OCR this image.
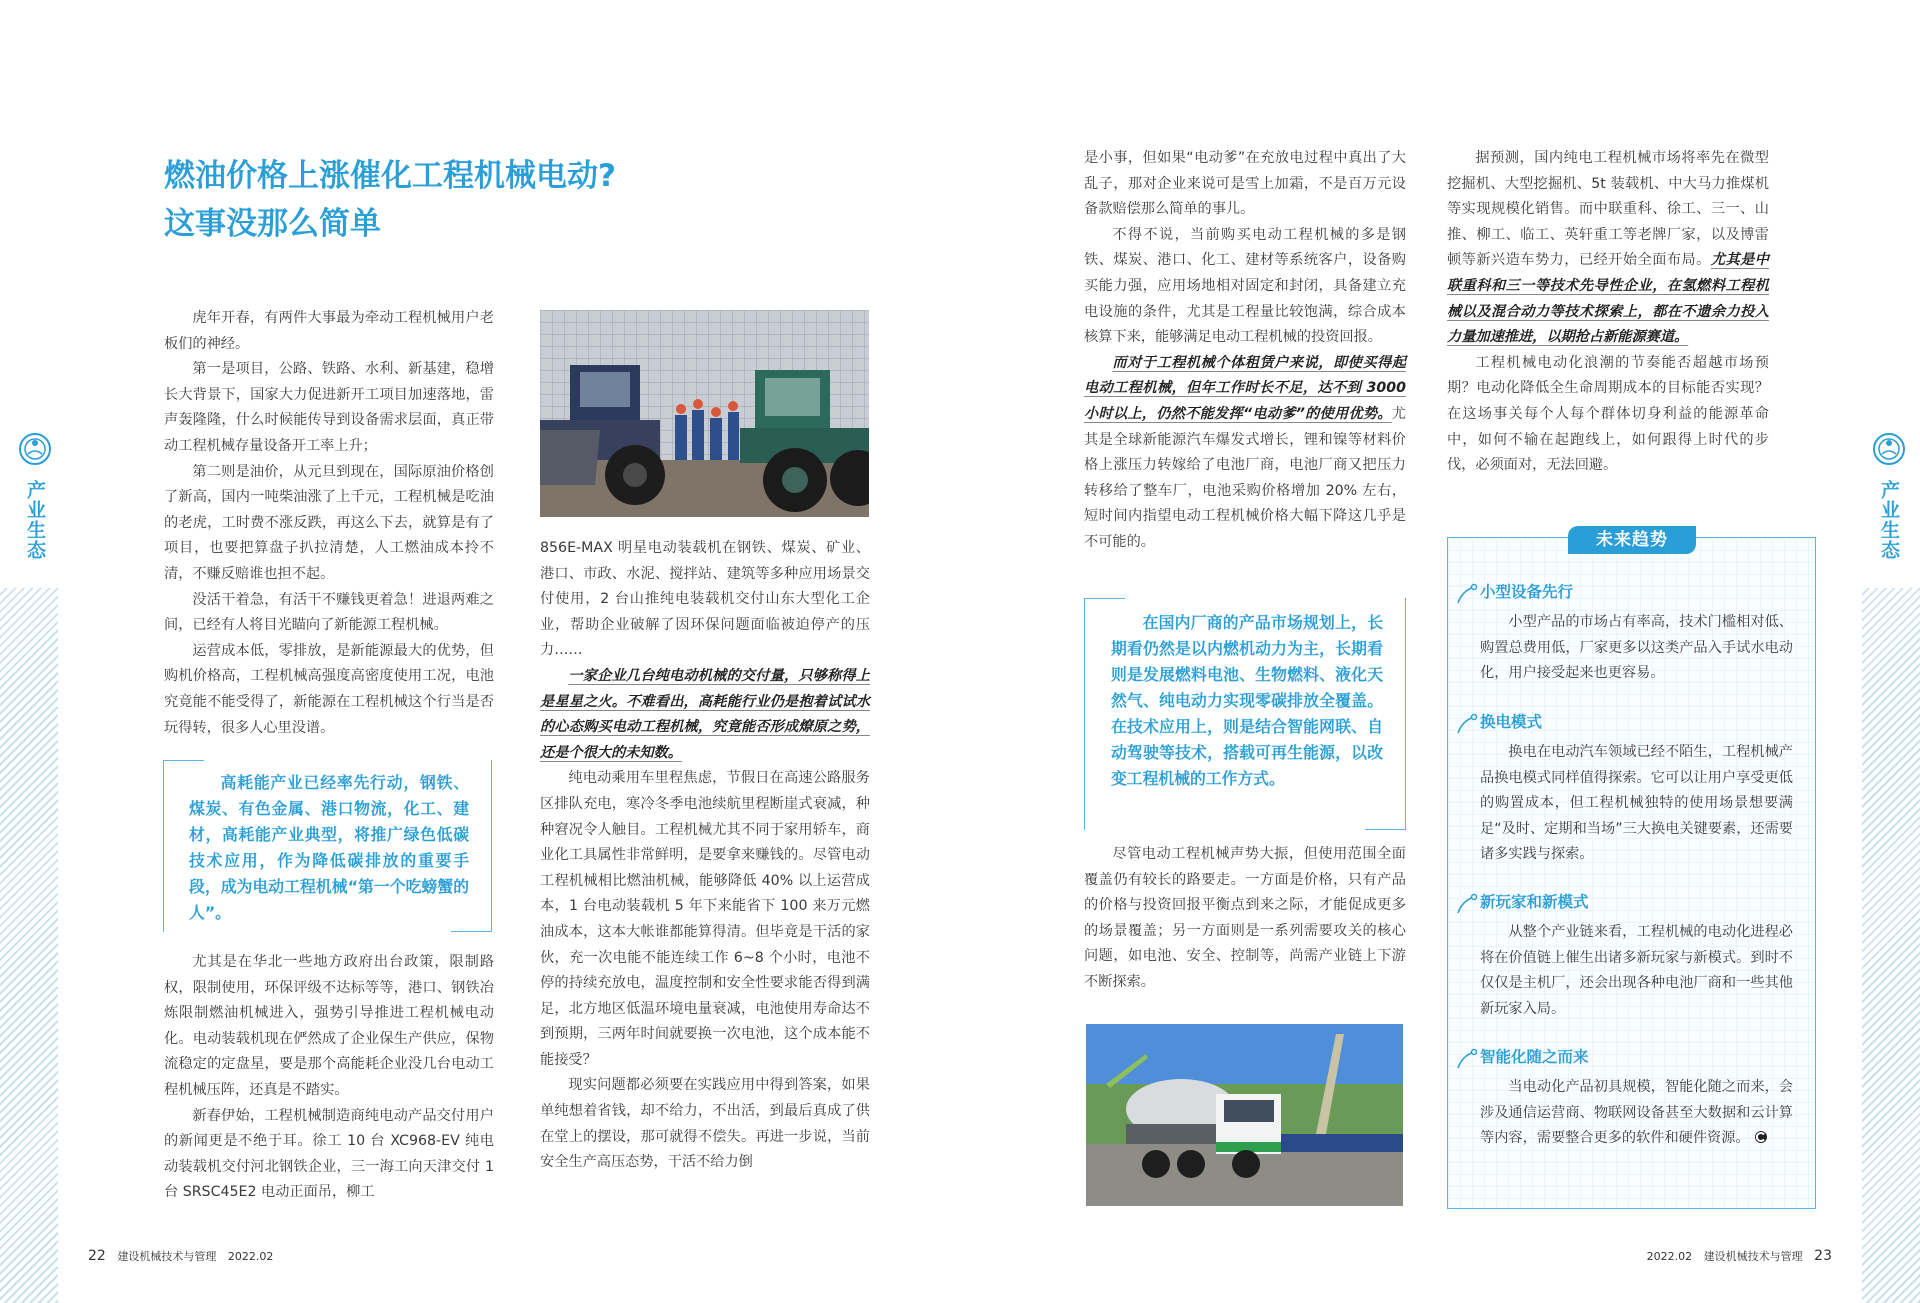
产业生态	产业生态
燃油价格上涨催化工程机械电动?
这事没那么简单

虎年开春，有两件大事最为牵动工程机械用户老板们的神经。

第一是项目，公路、铁路、水利、新基建，稳增长大背景下，国家大力促进新开工项目加速落地，雷声轰隆隆，什么时候能传导到设备需求层面，真正带动工程机械存量设备开工率上升；

第二则是油价，从元旦到现在，国际原油价格创了新高，国内一吨柴油涨了上千元，工程机械是吃油的老虎，工时费不涨反跌，再这么下去，就算是有了项目，也要把算盘子扒拉清楚，人工燃油成本拎不清，不赚反赔谁也担不起。

没活干着急，有活干不赚钱更着急！进退两难之间，已经有人将目光瞄向了新能源工程机械。

运营成本低，零排放，是新能源最大的优势，但购机价格高，工程机械高强度高密度使用工况，电池究竟能不能受得了，新能源在工程机械这个行当是否玩得转，很多人心里没谱。

高耗能产业已经率先行动，钢铁、煤炭、有色金属、港口物流，化工、建材，高耗能产业典型，将推广绿色低碳技术应用，作为降低碳排放的重要手段，成为电动工程机械“第一个吃螃蟹的人”。

尤其是在华北一些地方政府出台政策，限制路权，限制使用，环保评级不达标等等，港口、钢铁冶炼限制燃油机械进入，强势引导推进工程机械电动化。电动装载机现在俨然成了企业保生产供应，保物流稳定的定盘星，要是那个高能耗企业没几台电动工程机械压阵，还真是不踏实。

新春伊始，工程机械制造商纯电动产品交付用户的新闻更是不绝于耳。徐工 10 台 XC968-EV 纯电动装载机交付河北钢铁企业，三一海工向天津交付 1 台 SRSC45E2 电动正面吊，柳工

856E-MAX 明星电动装载机在钢铁、煤炭、矿业、港口、市政、水泥、搅拌站、建筑等多种应用场景交付使用，2 台山推纯电装载机交付山东大型化工企业，帮助企业破解了因环保问题面临被迫停产的压力……

一家企业几台纯电动机械的交付量，只够称得上是星星之火。不难看出，高耗能行业仍是抱着试试水的心态购买电动工程机械，究竟能否形成燎原之势，还是个很大的未知数。

纯电动乘用车里程焦虑，节假日在高速公路服务区排队充电，寒冷冬季电池续航里程断崖式衰减，种种窘况令人触目。工程机械尤其不同于家用轿车，商业化工具属性非常鲜明，是要拿来赚钱的。尽管电动工程机械相比燃油机械，能够降低 40% 以上运营成本，1 台电动装载机 5 年下来能省下 100 来万元燃油成本，这本大帐谁都能算得清。但毕竟是干活的家伙，充一次电能不能连续工作 6~8 个小时，电池不停的持续充放电，温度控制和安全性要求能否得到满足，北方地区低温环境电量衰减，电池使用寿命达不到预期，三两年时间就要换一次电池，这个成本能不能接受？

现实问题都必须要在实践应用中得到答案，如果单纯想着省钱，却不给力，不出活，到最后真成了供在堂上的摆设，那可就得不偿失。再进一步说，当前安全生产高压态势，干活不给力倒

是小事，但如果“电动爹”在充放电过程中真出了大乱子，那对企业来说可是雪上加霜，不是百万元设备款赔偿那么简单的事儿。

不得不说，当前购买电动工程机械的多是钢铁、煤炭、港口、化工、建材等系统客户，设备购买能力强，应用场地相对固定和封闭，具备建立充电设施的条件，尤其是工程量比较饱满，综合成本核算下来，能够满足电动工程机械的投资回报。

而对于工程机械个体租赁户来说，即使买得起电动工程机械，但年工作时长不足，达不到 3000 小时以上，仍然不能发挥“电动爹”的使用优势。尤其是全球新能源汽车爆发式增长，锂和镍等材料价格上涨压力转嫁给了电池厂商，电池厂商又把压力转移给了整车厂，电池采购价格增加 20% 左右，短时间内指望电动工程机械价格大幅下降这几乎是不可能的。

在国内厂商的产品市场规划上，长期看仍然是以内燃机动力为主，长期看则是发展燃料电池、生物燃料、液化天然气、纯电动力实现零碳排放全覆盖。在技术应用上，则是结合智能网联、自动驾驶等技术，搭载可再生能源，以改变工程机械的工作方式。

尽管电动工程机械声势大振，但使用范围全面覆盖仍有较长的路要走。一方面是价格，只有产品的价格与投资回报平衡点到来之际，才能促成更多的场景覆盖；另一方面则是一系列需要攻关的核心问题，如电池、安全、控制等，尚需产业链上下游不断探索。

据预测，国内纯电工程机械市场将率先在微型挖掘机、大型挖掘机、5t 装载机、中大马力推煤机等实现规模化销售。而中联重科、徐工、三一、山推、柳工、临工、英轩重工等老牌厂家，以及博雷顿等新兴造车势力，已经开始全面布局。尤其是中联重科和三一等技术先导性企业，在氢燃料工程机械以及混合动力等技术探索上，都在不遗余力投入力量加速推进，以期抢占新能源赛道。

工程机械电动化浪潮的节奏能否超越市场预期？电动化降低全生命周期成本的目标能否实现？在这场事关每个人每个群体切身利益的能源革命中，如何不输在起跑线上，如何跟得上时代的步伐，必须面对，无法回避。

未来趋势
小型设备先行
小型产品的市场占有率高，技术门槛相对低、购置总费用低，厂家更多以这类产品入手试水电动化，用户接受起来也更容易。
换电模式
换电在电动汽车领域已经不陌生，工程机械产品换电模式同样值得探索。它可以让用户享受更低的购置成本，但工程机械独特的使用场景想要满足“及时、定期和当场”三大换电关键要素，还需要诸多实践与探索。
新玩家和新模式
从整个产业链来看，工程机械的电动化进程必将在价值链上催生出诸多新玩家与新模式。到时不仅仅是主机厂，还会出现各种电池厂商和一些其他新玩家入局。
智能化随之而来
当电动化产品初具规模，智能化随之而来，会涉及通信运营商、物联网设备甚至大数据和云计算等内容，需要整合更多的软件和硬件资源。
22 建设机械技术与管理 2022.02	2022.02 建设机械技术与管理 23
